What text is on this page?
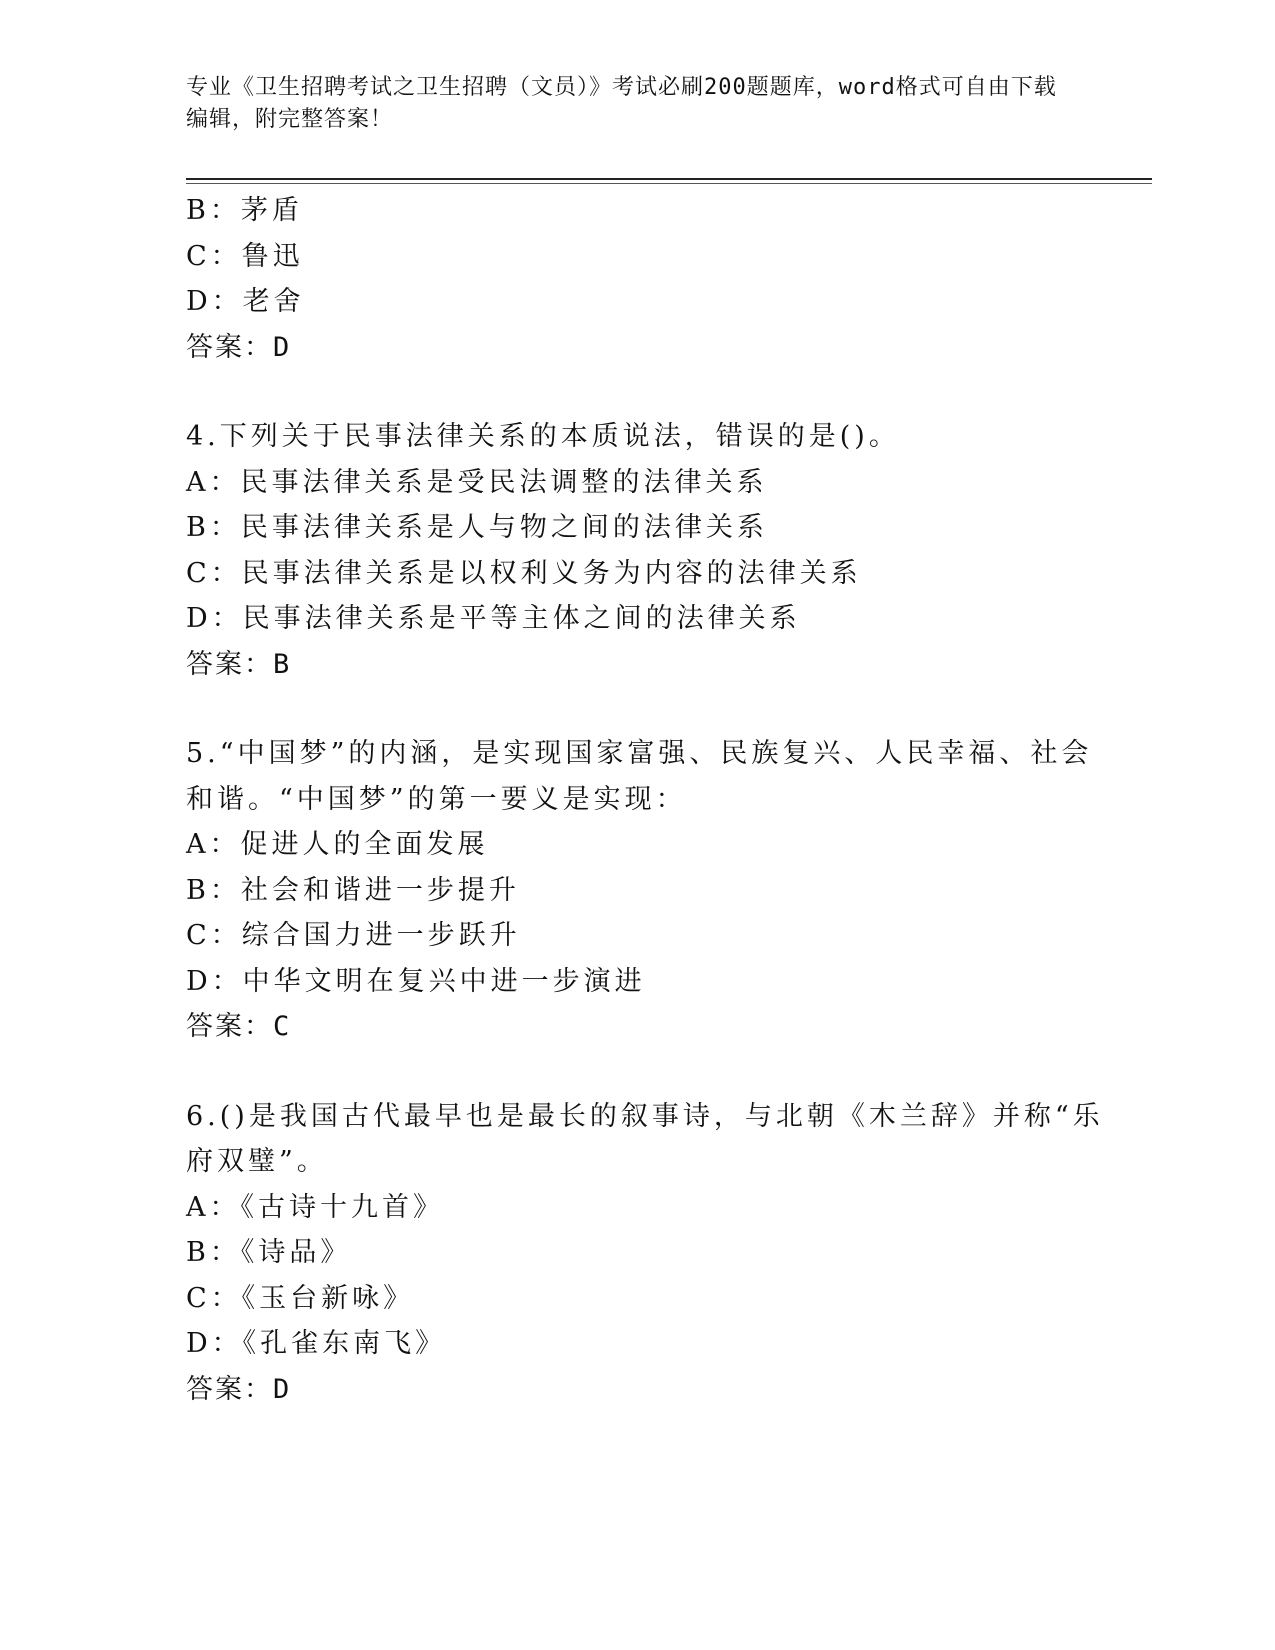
专业《卫生招聘考试之卫生招聘（文员）》考试必刷200题题库，word格式可自由下载编辑，附完整答案！
B：茅盾
C：鲁迅
D：老舍
答案：D
4.下列关于民事法律关系的本质说法，错误的是()。
A：民事法律关系是受民法调整的法律关系
B：民事法律关系是人与物之间的法律关系
C：民事法律关系是以权利义务为内容的法律关系
D：民事法律关系是平等主体之间的法律关系
答案：B
5.“中国梦”的内涵，是实现国家富强、民族复兴、人民幸福、社会
和谐。“中国梦”的第一要义是实现：
A：促进人的全面发展
B：社会和谐进一步提升
C：综合国力进一步跃升
D：中华文明在复兴中进一步演进
答案：C
6.()是我国古代最早也是最长的叙事诗，与北朝《木兰辞》并称“乐
府双璧”。
A：《古诗十九首》
B：《诗品》
C：《玉台新咏》
D：《孔雀东南飞》
答案：D
